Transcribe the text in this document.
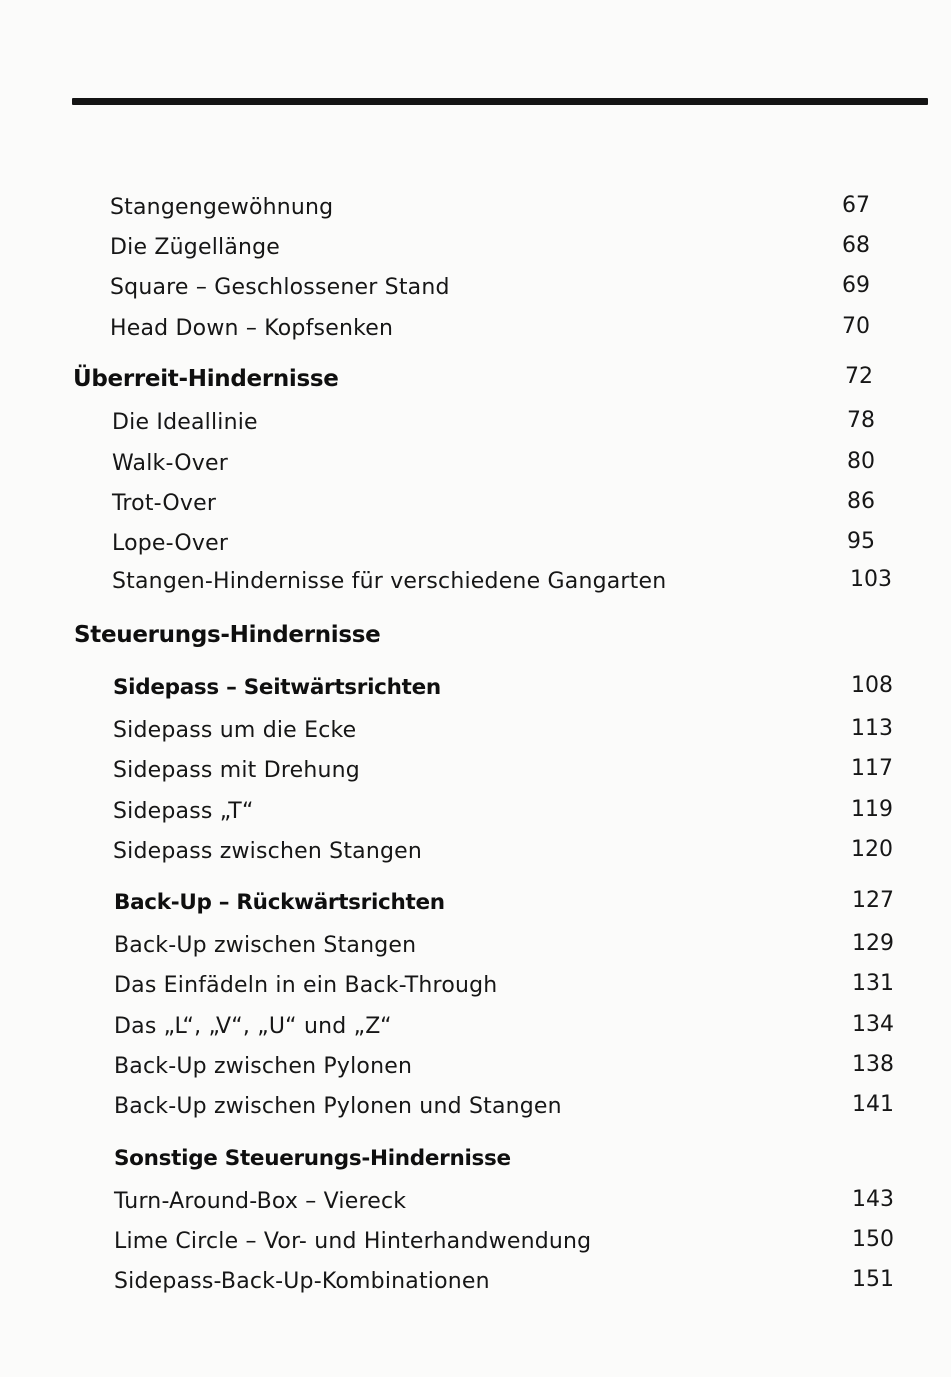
Stangengewöhnung	67
Die Zügellänge	68
Square – Geschlossener Stand	69
Head Down – Kopfsenken	70
Überreit-Hindernisse	72
Die Ideallinie	78
Walk-Over	80
Trot-Over	86
Lope-Over	95
Stangen-Hindernisse für verschiedene Gangarten	103
Steuerungs-Hindernisse
Sidepass – Seitwärtsrichten	108
Sidepass um die Ecke	113
Sidepass mit Drehung	117
Sidepass „T“	119
Sidepass zwischen Stangen	120
Back-Up – Rückwärtsrichten	127
Back-Up zwischen Stangen	129
Das Einfädeln in ein Back-Through	131
Das „L“, „V“, „U“ und „Z“	134
Back-Up zwischen Pylonen	138
Back-Up zwischen Pylonen und Stangen	141
Sonstige Steuerungs-Hindernisse
Turn-Around-Box – Viereck	143
Lime Circle – Vor- und Hinterhandwendung	150
Sidepass-Back-Up-Kombinationen	151
